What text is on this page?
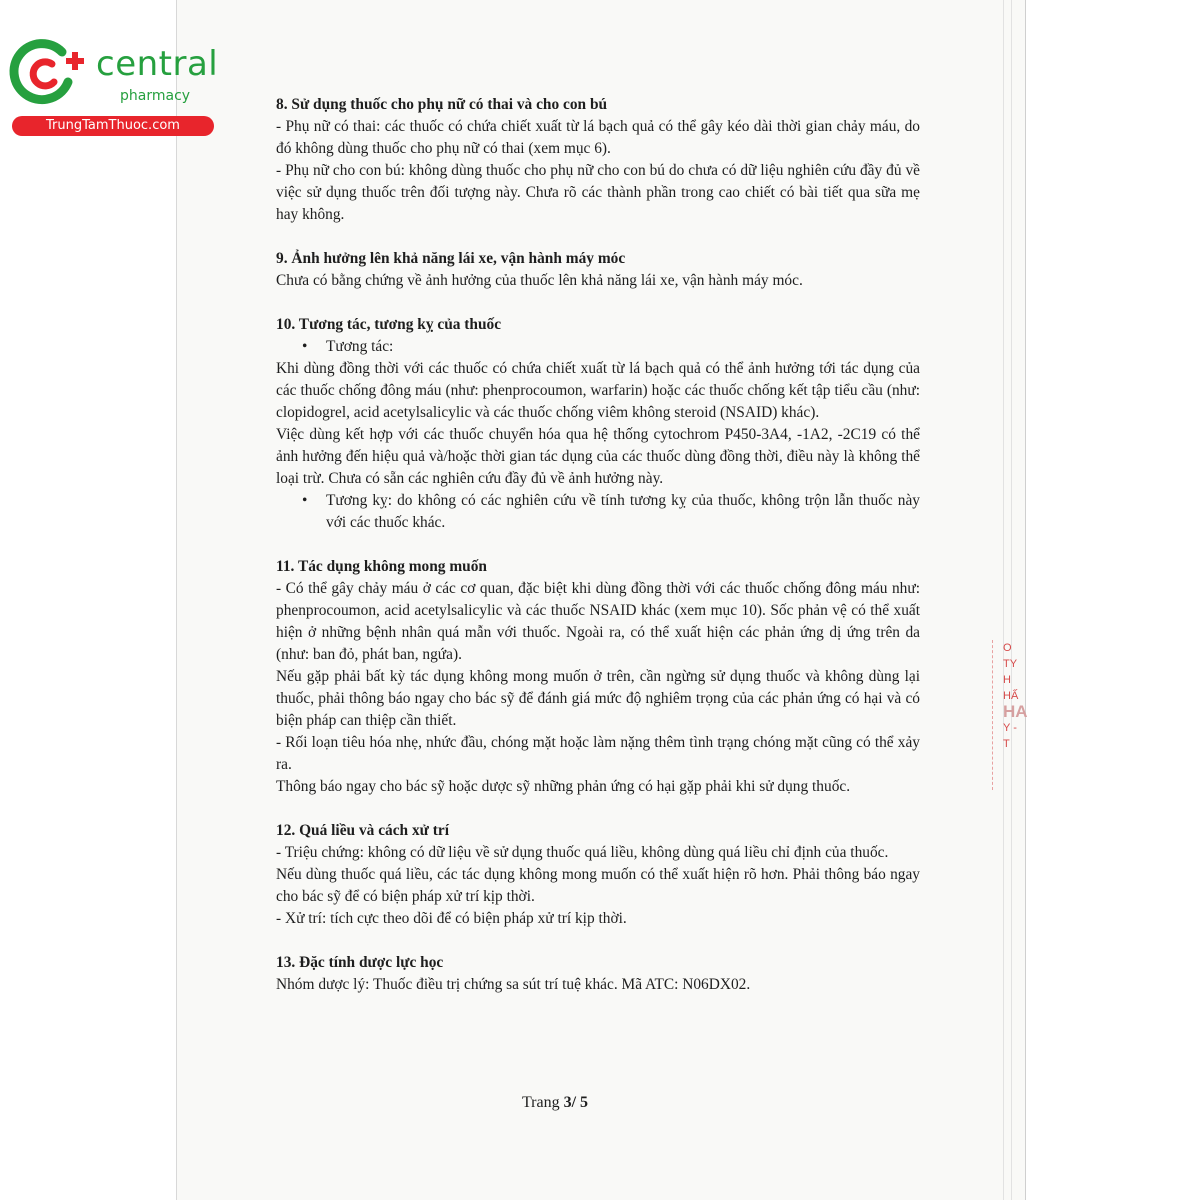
central
pharmacy
TrungTamThuoc.com
8. Sử dụng thuốc cho phụ nữ có thai và cho con bú

- Phụ nữ có thai: các thuốc có chứa chiết xuất từ lá bạch quả có thể gây kéo dài thời gian chảy máu, do đó không dùng thuốc cho phụ nữ có thai (xem mục 6).

- Phụ nữ cho con bú: không dùng thuốc cho phụ nữ cho con bú do chưa có dữ liệu nghiên cứu đầy đủ về việc sử dụng thuốc trên đối tượng này. Chưa rõ các thành phần trong cao chiết có bài tiết qua sữa mẹ hay không.

9. Ảnh hưởng lên khả năng lái xe, vận hành máy móc

Chưa có bằng chứng về ảnh hưởng của thuốc lên khả năng lái xe, vận hành máy móc.

10. Tương tác, tương kỵ của thuốc

• Tương tác:

Khi dùng đồng thời với các thuốc có chứa chiết xuất từ lá bạch quả có thể ảnh hưởng tới tác dụng của các thuốc chống đông máu (như: phenprocoumon, warfarin) hoặc các thuốc chống kết tập tiểu cầu (như: clopidogrel, acid acetylsalicylic và các thuốc chống viêm không steroid (NSAID) khác).

Việc dùng kết hợp với các thuốc chuyển hóa qua hệ thống cytochrom P450-3A4, -1A2, -2C19 có thể ảnh hưởng đến hiệu quả và/hoặc thời gian tác dụng của các thuốc dùng đồng thời, điều này là không thể loại trừ. Chưa có sẵn các nghiên cứu đầy đủ về ảnh hưởng này.

• Tương kỵ: do không có các nghiên cứu về tính tương kỵ của thuốc, không trộn lẫn thuốc này với các thuốc khác.

11. Tác dụng không mong muốn

- Có thể gây chảy máu ở các cơ quan, đặc biệt khi dùng đồng thời với các thuốc chống đông máu như: phenprocoumon, acid acetylsalicylic và các thuốc NSAID khác (xem mục 10). Sốc phản vệ có thể xuất hiện ở những bệnh nhân quá mẫn với thuốc. Ngoài ra, có thể xuất hiện các phản ứng dị ứng trên da (như: ban đỏ, phát ban, ngứa).

Nếu gặp phải bất kỳ tác dụng không mong muốn ở trên, cần ngừng sử dụng thuốc và không dùng lại thuốc, phải thông báo ngay cho bác sỹ để đánh giá mức độ nghiêm trọng của các phản ứng có hại và có biện pháp can thiệp cần thiết.

- Rối loạn tiêu hóa nhẹ, nhức đầu, chóng mặt hoặc làm nặng thêm tình trạng chóng mặt cũng có thể xảy ra.

Thông báo ngay cho bác sỹ hoặc dược sỹ những phản ứng có hại gặp phải khi sử dụng thuốc.

12. Quá liều và cách xử trí

- Triệu chứng: không có dữ liệu về sử dụng thuốc quá liều, không dùng quá liều chỉ định của thuốc.

Nếu dùng thuốc quá liều, các tác dụng không mong muốn có thể xuất hiện rõ hơn. Phải thông báo ngay cho bác sỹ để có biện pháp xử trí kịp thời.

- Xử trí: tích cực theo dõi để có biện pháp xử trí kịp thời.

13. Đặc tính dược lực học

Nhóm dược lý: Thuốc điều trị chứng sa sút trí tuệ khác. Mã ATC: N06DX02.

Trang 3/ 5
O
TY
H
HẤ
HA
Y - T
